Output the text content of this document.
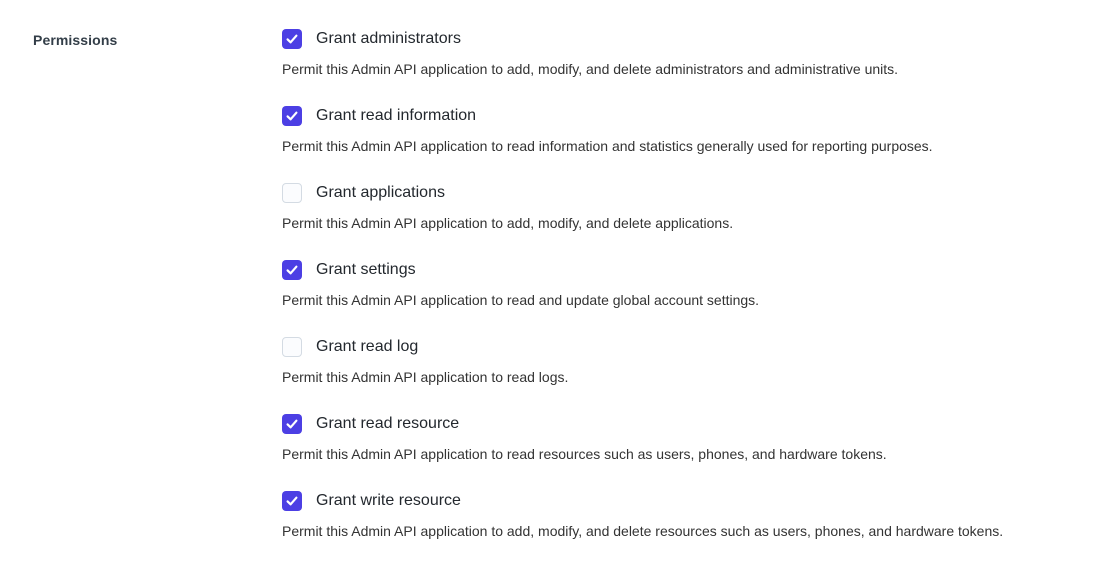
Permissions	Grant administrators
Permit this Admin API application to add, modify, and delete administrators and administrative units.
Grant read information
Permit this Admin API application to read information and statistics generally used for reporting purposes.
Grant applications
Permit this Admin API application to add, modify, and delete applications.
Grant settings
Permit this Admin API application to read and update global account settings.
Grant read log
Permit this Admin API application to read logs.
Grant read resource
Permit this Admin API application to read resources such as users, phones, and hardware tokens.
Grant write resource
Permit this Admin API application to add, modify, and delete resources such as users, phones, and hardware tokens.
